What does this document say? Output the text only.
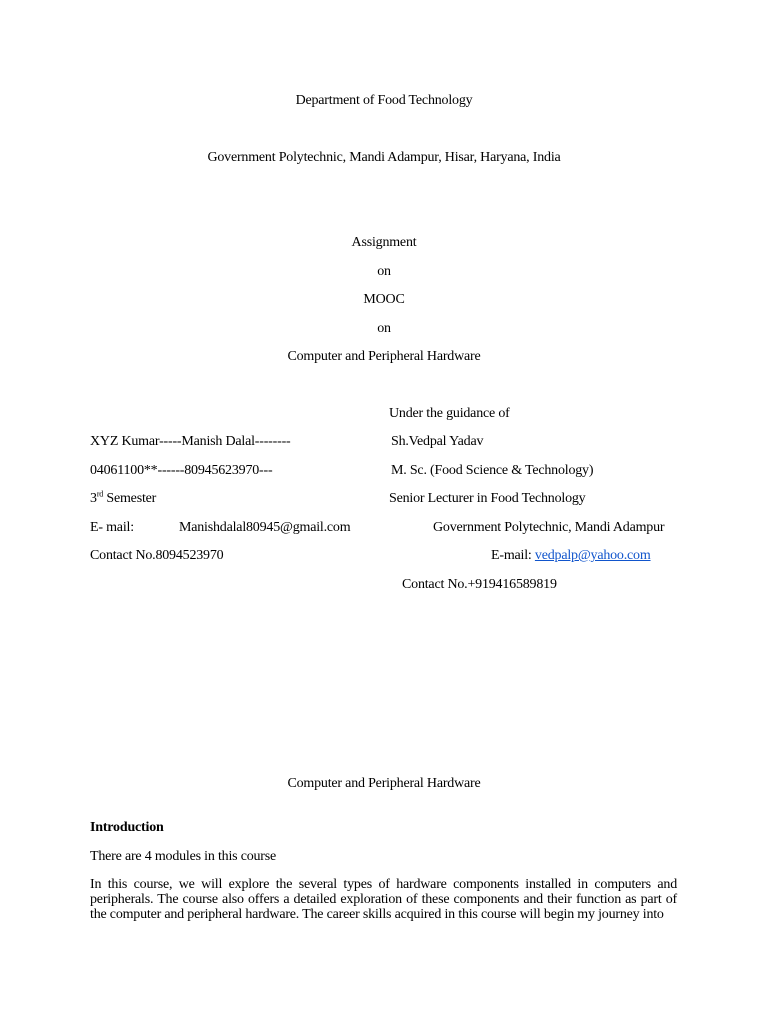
Department of Food Technology
Government Polytechnic, Mandi Adampur, Hisar, Haryana, India
Assignment
on
MOOC
on
Computer and Peripheral Hardware
Under the guidance of
XYZ Kumar-----Manish Dalal--------
04061100**------80945623970---
3rd Semester
E- mail:	Manishdalal80945@gmail.com
Contact No.8094523970
Sh.Vedpal Yadav
M. Sc. (Food Science & Technology)
Senior Lecturer in Food Technology
Government Polytechnic, Mandi Adampur
E-mail: vedpalp@yahoo.com
Contact No.+919416589819
Computer and Peripheral Hardware
Introduction
There are 4 modules in this course
In this course, we will explore the several types of hardware components installed in computers and peripherals. The course also offers a detailed exploration of these components and their function as part of the computer and peripheral hardware. The career skills acquired in this course will begin my journey into
